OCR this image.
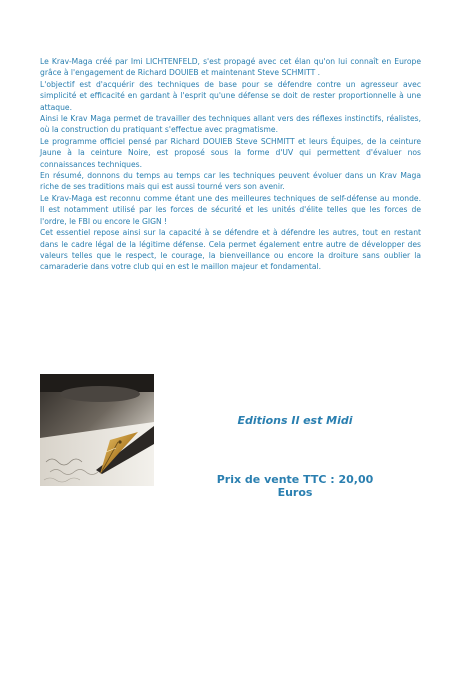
Le Krav-Maga créé par Imi LICHTENFELD, s'est propagé avec cet élan qu'on lui connaît en Europe grâce à l'engagement de Richard DOUIEB et maintenant Steve SCHMITT .

L'objectif est d'acquérir des techniques de base pour se défendre contre un agresseur avec simplicité et efficacité en gardant à l'esprit qu'une défense se doit de rester proportionnelle à une attaque.

Ainsi le Krav Maga permet de travailler des techniques allant vers des réflexes instinctifs, réalistes, où la construction du pratiquant s'effectue avec pragmatisme.

Le programme officiel pensé par Richard DOUIEB Steve SCHMITT et leurs Équipes, de la ceinture Jaune à la ceinture Noire, est proposé sous la forme d'UV qui permettent d'évaluer nos connaissances techniques.

En résumé, donnons du temps au temps car les techniques peuvent évoluer dans un Krav Maga riche de ses traditions mais qui est aussi tourné vers son avenir.

Le Krav-Maga est reconnu comme étant une des meilleures techniques de self-défense au monde. Il est notamment utilisé par les forces de sécurité et les unités d'élite telles que les forces de l'ordre, le FBI ou encore le GIGN !

Cet essentiel repose ainsi sur la capacité à se défendre et à défendre les autres, tout en restant dans le cadre légal de la légitime défense. Cela permet également entre autre de développer des valeurs telles que le respect, le courage, la bienveillance ou encore la droiture sans oublier la camaraderie dans votre club qui en est le maillon majeur et fondamental.

Editions Il est Midi
Prix de vente TTC : 20,00 Euros
